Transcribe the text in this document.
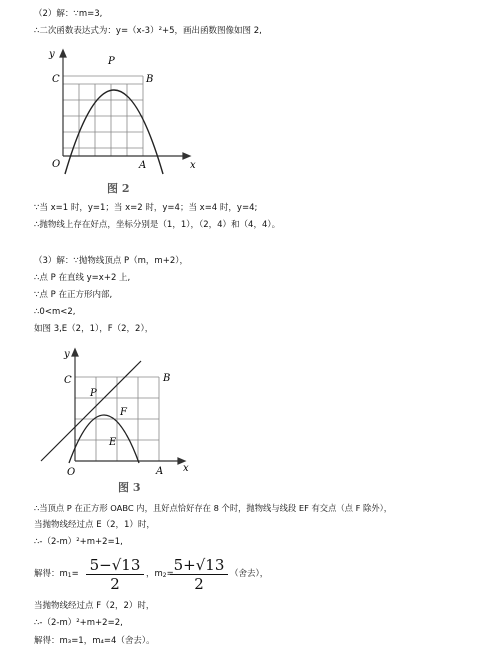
（2）解：∵m=3,
∴二次函数表达式为：y=（x-3）²+5，画出函数图像如图 2,
y
x
O	A
B
C
P
图 2
∵当 x=1 时，y=1；当 x=2 时，y=4；当 x=4 时，y=4;
∴抛物线上存在好点，坐标分别是（1，1），（2，4）和（4，4）。
（3）解：∵抛物线顶点 P（m，m+2），
∴点 P 在直线 y=x+2 上,
∵点 P 在正方形内部,
∴0<m<2,
如图 3,E（2，1），F（2，2），
y
x
O	A
B
C
P
F
E
图 3
∴当顶点 P 在正方形 OABC 内，且好点恰好存在 8 个时，抛物线与线段 EF 有交点（点 F 除外），
当抛物线经过点 E（2，1）时，
∴-（2-m）²+m+2=1,
解得：$m1= \frac{5-√13}{2}$ ，m2=
$\frac{5+√13}{2}$ （舍去），
当抛物线经过点 F（2，2）时，
∴-（2-m）²+m+2=2,
解得：m₃=1，m₄=4（舍去）。
